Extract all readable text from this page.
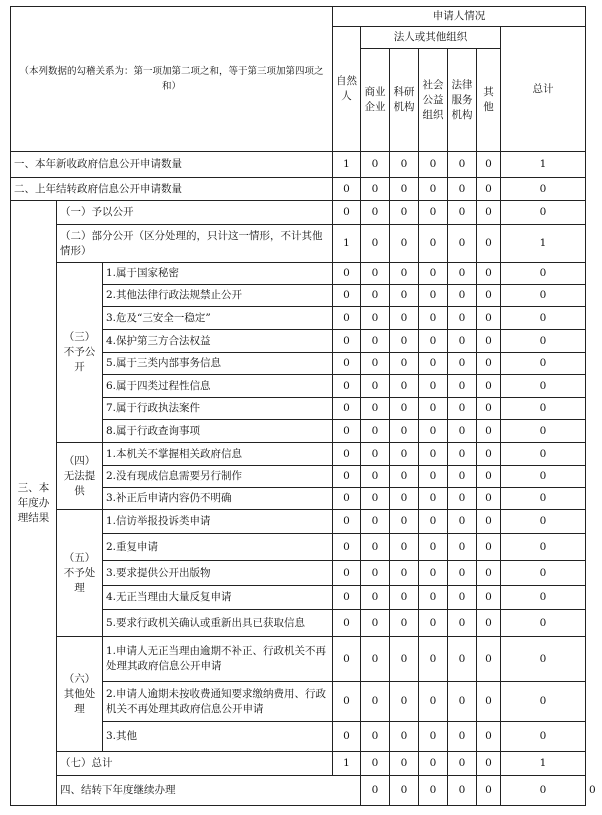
（本列数据的勾稽关系为：第一项加第二项之和，等于第三项加第四项之和）			申请人情况							
			自然人	法人或其他组织					总计	
				商业企业	科研机构	社会公益组织	法律服务机构	其他		
一、本年新收政府信息公开申请数量			1	0	0	0	0	0	1	
二、上年结转政府信息公开申请数量			0	0	0	0	0	0	0	
三、本年度办理结果	（一）予以公开		0	0	0	0	0	0	0	
	（二）部分公开（区分处理的，只计这一情形，不计其他情形）		1	0	0	0	0	0	1	
	（三）不予公开	1.属于国家秘密	0	0	0	0	0	0	0	
		2.其他法律行政法规禁止公开	0	0	0	0	0	0	0	
		3.危及“三安全一稳定”	0	0	0	0	0	0	0	
		4.保护第三方合法权益	0	0	0	0	0	0	0	
		5.属于三类内部事务信息	0	0	0	0	0	0	0	
		6.属于四类过程性信息	0	0	0	0	0	0	0	
		7.属于行政执法案件	0	0	0	0	0	0	0	
		8.属于行政查询事项	0	0	0	0	0	0	0	
	（四）无法提供	1.本机关不掌握相关政府信息	0	0	0	0	0	0	0	
		2.没有现成信息需要另行制作	0	0	0	0	0	0	0	
		3.补正后申请内容仍不明确	0	0	0	0	0	0	0	
	（五）不予处理	1.信访举报投诉类申请	0	0	0	0	0	0	0	
		2.重复申请	0	0	0	0	0	0	0	
		3.要求提供公开出版物	0	0	0	0	0	0	0	
		4.无正当理由大量反复申请	0	0	0	0	0	0	0	
		5.要求行政机关确认或重新出具已获取信息	0	0	0	0	0	0	0	
	（六）其他处理	1.申请人无正当理由逾期不补正、行政机关不再处理其政府信息公开申请	0	0	0	0	0	0	0	
		2.申请人逾期未按收费通知要求缴纳费用、行政机关不再处理其政府信息公开申请	0	0	0	0	0	0	0	
		3.其他	0	0	0	0	0	0	0	
	（七）总计		1	0	0	0	0	0	1	
	四、结转下年度继续办理			0	0	0	0	0	0	0
